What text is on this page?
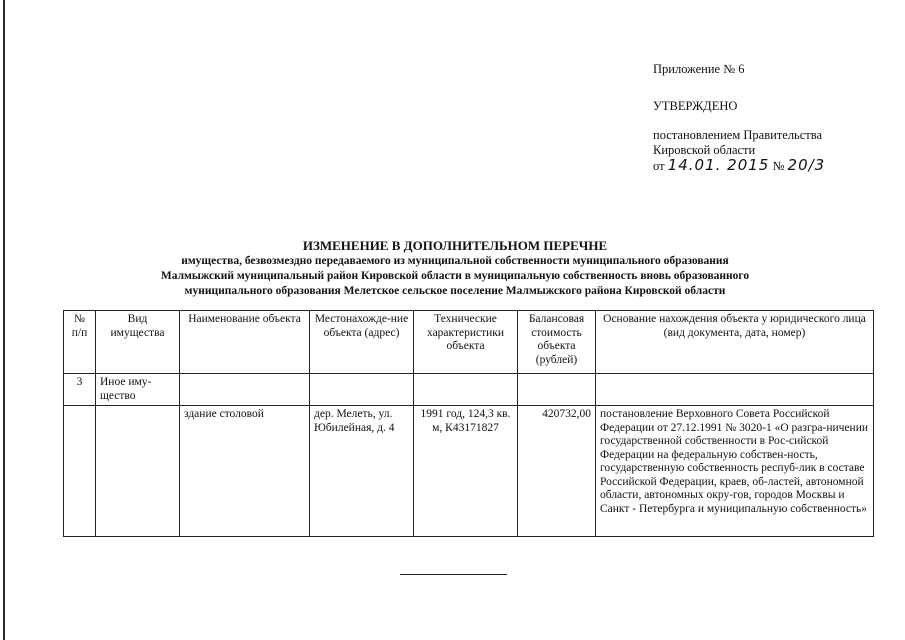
Приложение № 6
УТВЕРЖДЕНО
постановлением Правительства
Кировской области
от 14.01. 2015 № 20/3
ИЗМЕНЕНИЕ В ДОПОЛНИТЕЛЬНОМ ПЕРЕЧНЕ
имущества, безвозмездно передаваемого из муниципальной собственности муниципального образования
Малмыжский муниципальный район Кировской области в муниципальную собственность вновь образованного
муниципального образования Мелетское сельское поселение Малмыжского района Кировской области
№ п/п	Вид имущества	Наименование объекта	Местонахожде-ние объекта (адрес)	Технические характеристики объекта	Балансовая стоимость объекта (рублей)	Основание нахождения объекта у юридического лица (вид документа, дата, номер)
3	Иное иму-щество					
		здание столовой	дер. Мелеть, ул. Юбилейная, д. 4	1991 год, 124,3 кв. м, К43171827	420732,00	постановление Верховного Совета Российской Федерации от 27.12.1991 № 3020-1 «О разгра-ничении государственной собственности в Рос-сийской Федерации на федеральную собствен-ность, государственную собственность респуб-лик в составе Российской Федерации, краев, об-ластей, автономной области, автономных окру-гов, городов Москвы и Санкт - Петербурга и муниципальную собственность»
